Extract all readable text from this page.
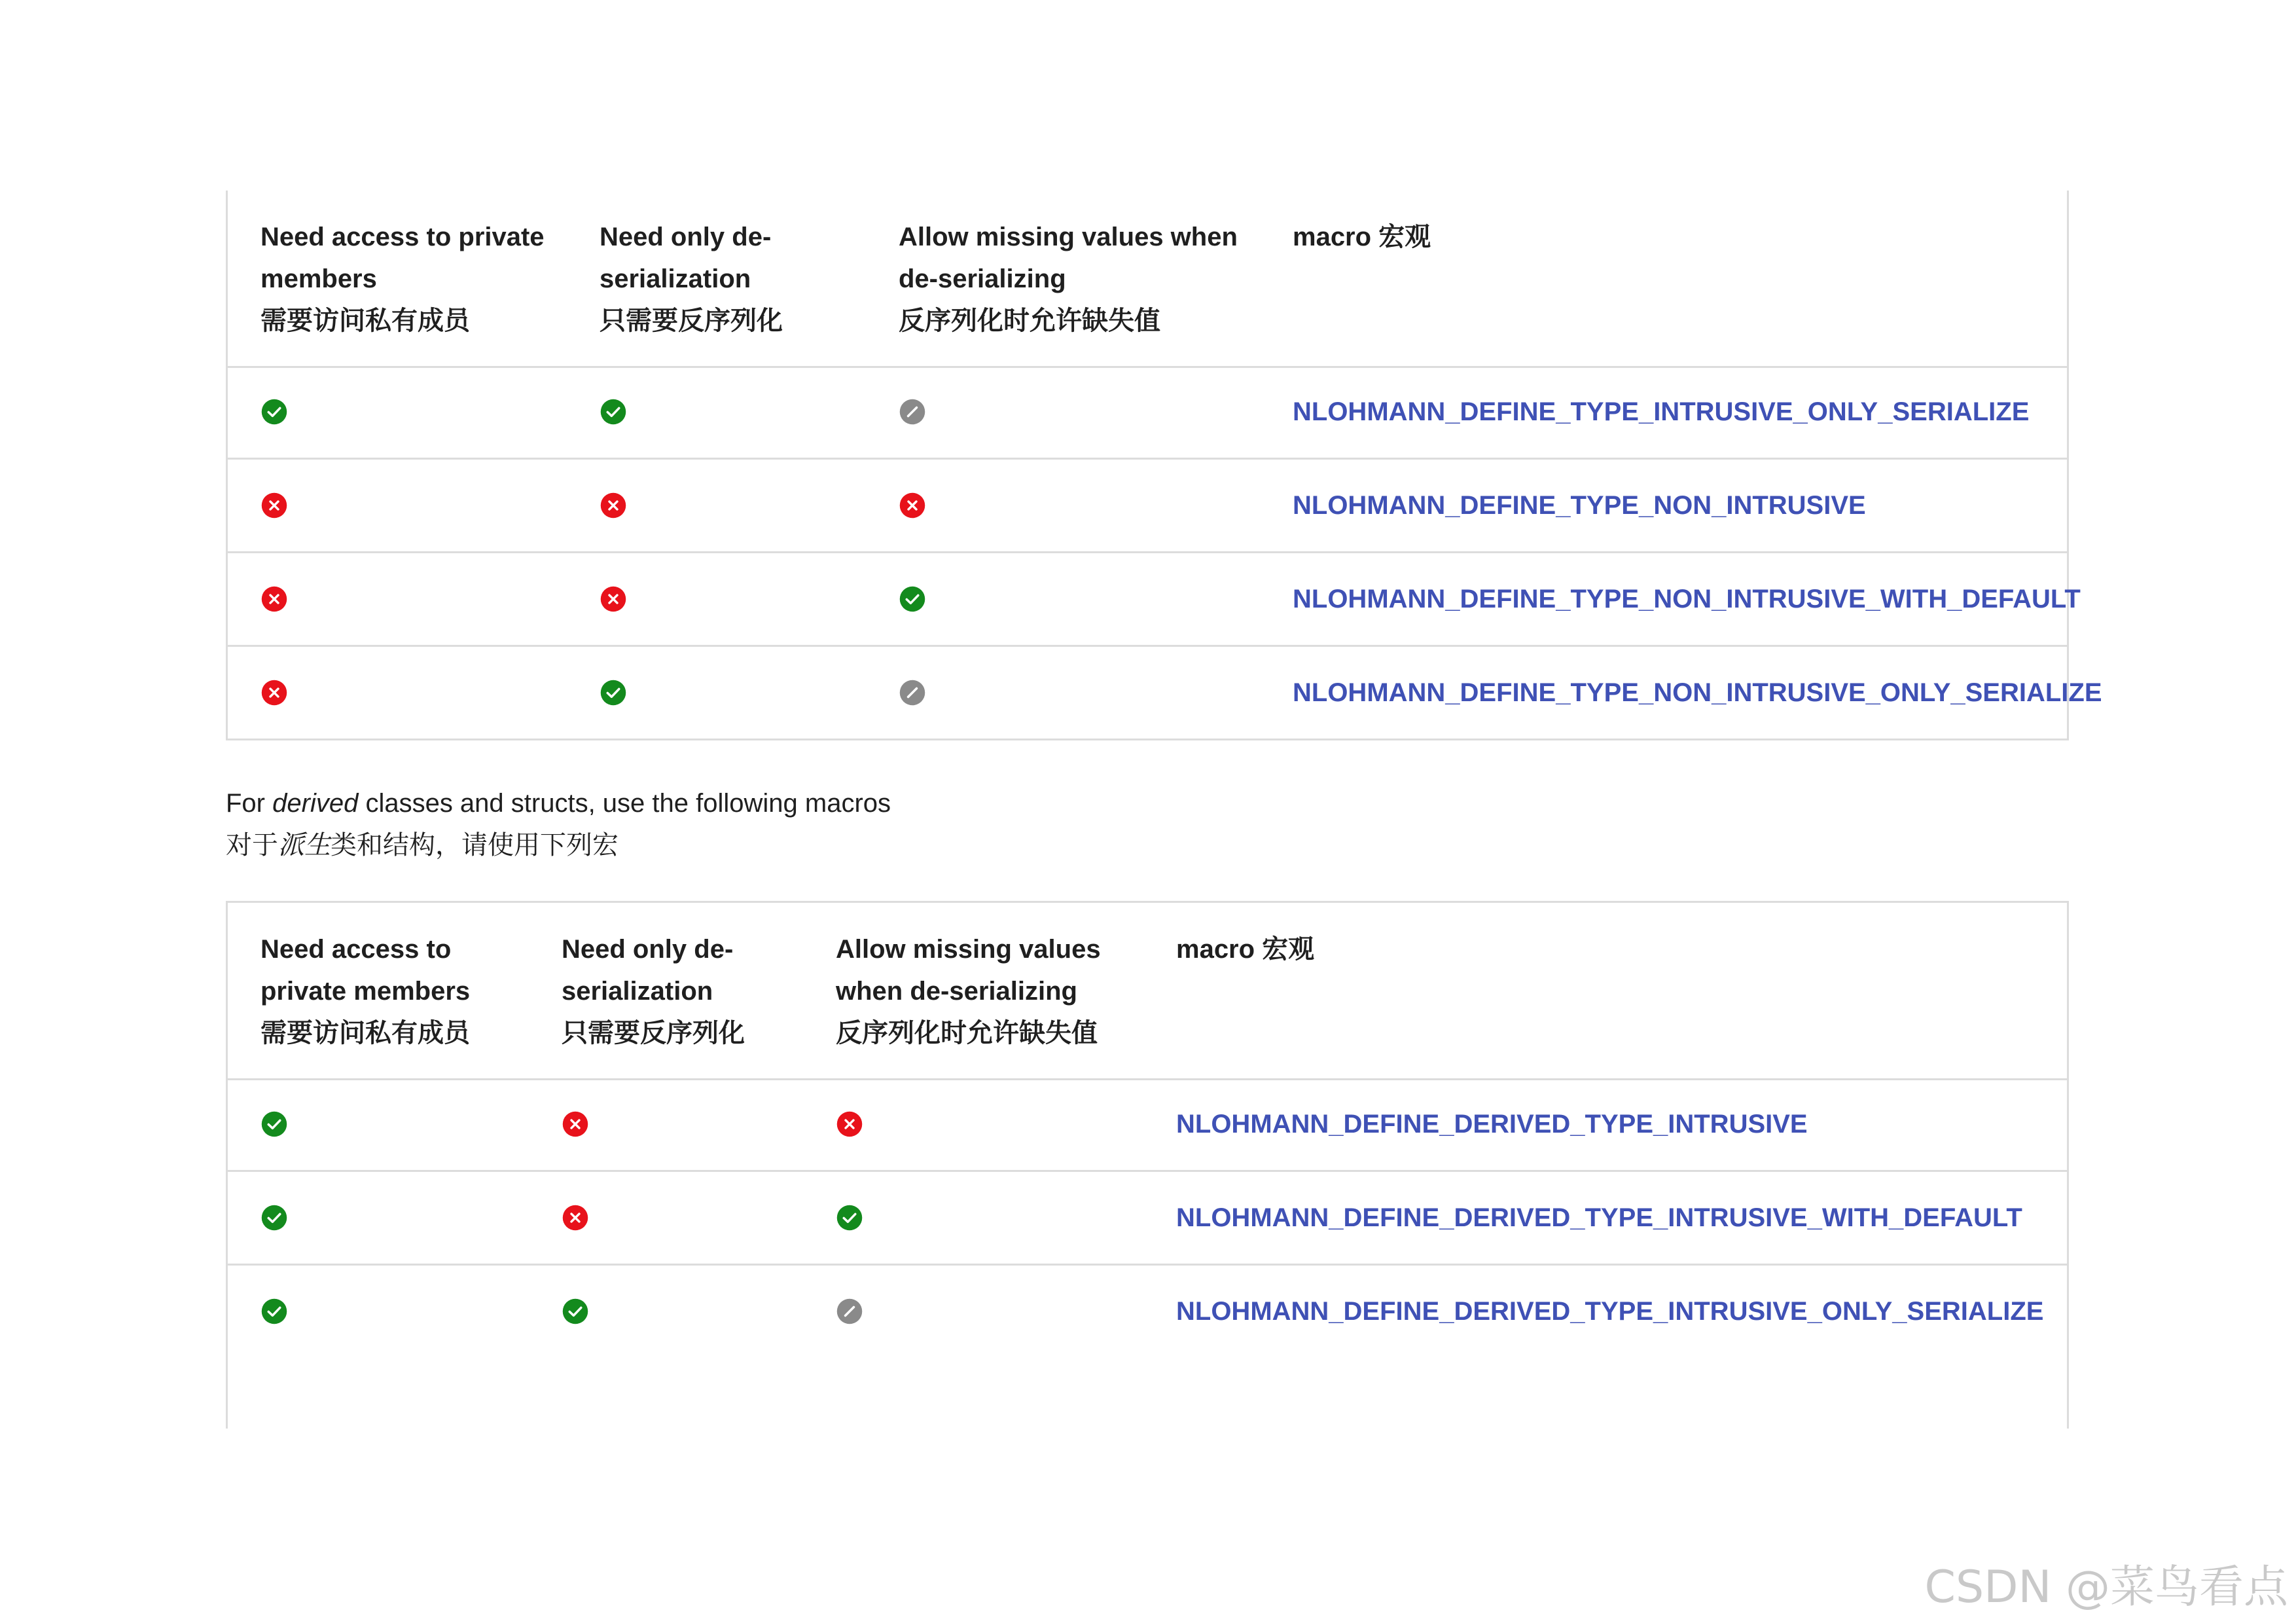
Need access to private
members
需要访问私有成员
Need only de-
serialization
只需要反序列化
Allow missing values when
de-serializing
反序列化时允许缺失值
macro 宏观
NLOHMANN_DEFINE_TYPE_INTRUSIVE_ONLY_SERIALIZE
NLOHMANN_DEFINE_TYPE_NON_INTRUSIVE
NLOHMANN_DEFINE_TYPE_NON_INTRUSIVE_WITH_DEFAULT
NLOHMANN_DEFINE_TYPE_NON_INTRUSIVE_ONLY_SERIALIZE
For derived classes and structs, use the following macros
对于派生类和结构，请使用下列宏
Need access to
private members
需要访问私有成员
Need only de-
serialization
只需要反序列化
Allow missing values
when de-serializing
反序列化时允许缺失值
macro 宏观
NLOHMANN_DEFINE_DERIVED_TYPE_INTRUSIVE
NLOHMANN_DEFINE_DERIVED_TYPE_INTRUSIVE_WITH_DEFAULT
NLOHMANN_DEFINE_DERIVED_TYPE_INTRUSIVE_ONLY_SERIALIZE
CSDN @菜鸟看点
